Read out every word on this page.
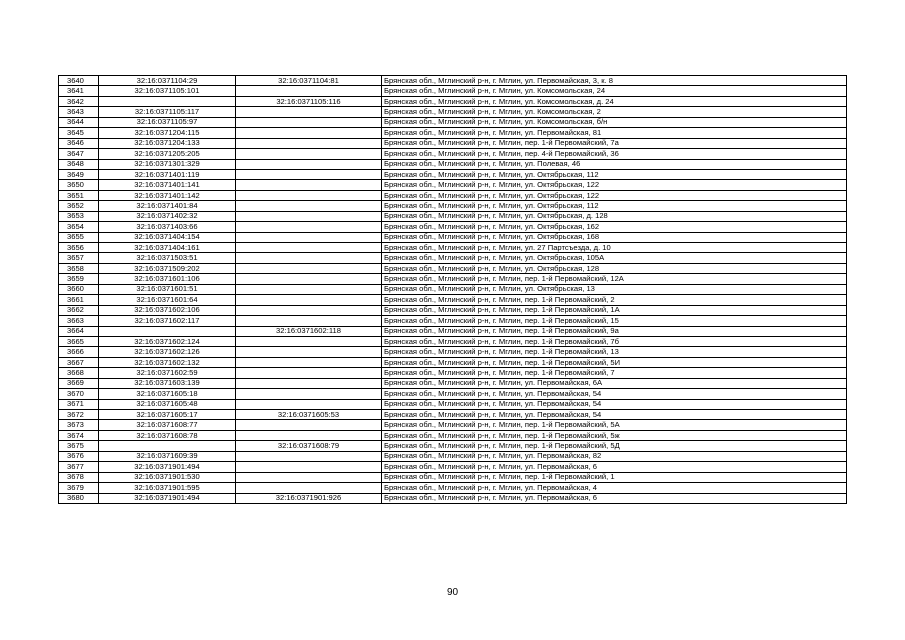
3640	32:16:0371104:29	32:16:0371104:81	Брянская обл., Мглинский р-н, г. Мглин, ул. Первомайская, 3, к. 8
3641	32:16:0371105:101		Брянская обл., Мглинский р-н, г. Мглин, ул. Комсомольская, 24
3642		32:16:0371105:116	Брянская обл., Мглинский р-н, г. Мглин, ул. Комсомольская, д. 24
3643	32:16:0371105:117		Брянская обл., Мглинский р-н, г. Мглин, ул. Комсомольская, 2
3644	32:16:0371105:97		Брянская обл., Мглинский р-н, г. Мглин, ул. Комсомольская, б/н
3645	32:16:0371204:115		Брянская обл., Мглинский р-н, г. Мглин, ул. Первомайская, 81
3646	32:16:0371204:133		Брянская обл., Мглинский р-н, г. Мглин, пер. 1-й Первомайский, 7а
3647	32:16:0371205:205		Брянская обл., Мглинский р-н, г. Мглин, пер. 4-й Первомайский, 36
3648	32:16:0371301:329		Брянская обл., Мглинский р-н, г. Мглин, ул. Полевая, 46
3649	32:16:0371401:119		Брянская обл., Мглинский р-н, г. Мглин, ул. Октябрьская, 112
3650	32:16:0371401:141		Брянская обл., Мглинский р-н, г. Мглин, ул. Октябрьская, 122
3651	32:16:0371401:142		Брянская обл., Мглинский р-н, г. Мглин, ул. Октябрьская, 122
3652	32:16:0371401:84		Брянская обл., Мглинский р-н, г. Мглин, ул. Октябрьская, 112
3653	32:16:0371402:32		Брянская обл., Мглинский р-н, г. Мглин, ул. Октябрьская, д. 128
3654	32:16:0371403:66		Брянская обл., Мглинский р-н, г. Мглин, ул. Октябрьская, 162
3655	32:16:0371404:154		Брянская обл., Мглинский р-н, г. Мглин, ул. Октябрьская, 168
3656	32:16:0371404:161		Брянская обл., Мглинский р-н, г. Мглин, ул. 27 Партсъезда, д. 10
3657	32:16:0371503:51		Брянская обл., Мглинский р-н, г. Мглин, ул. Октябрьская, 105А
3658	32:16:0371509:202		Брянская обл., Мглинский р-н, г. Мглин, ул. Октябрьская, 128
3659	32:16:0371601:106		Брянская обл., Мглинский р-н, г. Мглин, пер. 1-й Первомайский, 12А
3660	32:16:0371601:51		Брянская обл., Мглинский р-н, г. Мглин, ул. Октябрьская, 13
3661	32:16:0371601:64		Брянская обл., Мглинский р-н, г. Мглин, пер. 1-й Первомайский, 2
3662	32:16:0371602:106		Брянская обл., Мглинский р-н, г. Мглин, пер. 1-й Первомайский, 1А
3663	32:16:0371602:117		Брянская обл., Мглинский р-н, г. Мглин, пер. 1-й Первомайский, 15
3664		32:16:0371602:118	Брянская обл., Мглинский р-н, г. Мглин, пер. 1-й Первомайский, 9а
3665	32:16:0371602:124		Брянская обл., Мглинский р-н, г. Мглин, пер. 1-й Первомайский, 7б
3666	32:16:0371602:126		Брянская обл., Мглинский р-н, г. Мглин, пер. 1-й Первомайский, 13
3667	32:16:0371602:132		Брянская обл., Мглинский р-н, г. Мглин, пер. 1-й Первомайский, 5И
3668	32:16:0371602:59		Брянская обл., Мглинский р-н, г. Мглин, пер. 1-й Первомайский, 7
3669	32:16:0371603:139		Брянская обл., Мглинский р-н, г. Мглин, ул. Первомайская, 6А
3670	32:16:0371605:18		Брянская обл., Мглинский р-н, г. Мглин, ул. Первомайская, 54
3671	32:16:0371605:48		Брянская обл., Мглинский р-н, г. Мглин, ул. Первомайская, 54
3672	32:16:0371605:17	32:16:0371605:53	Брянская обл., Мглинский р-н, г. Мглин, ул. Первомайская, 54
3673	32:16:0371608:77		Брянская обл., Мглинский р-н, г. Мглин, пер. 1-й Первомайский, 5А
3674	32:16:0371608:78		Брянская обл., Мглинский р-н, г. Мглин, пер. 1-й Первомайский, 5ж
3675		32:16:0371608:79	Брянская обл., Мглинский р-н, г. Мглин, пер. 1-й Первомайский, 5Д
3676	32:16:0371609:39		Брянская обл., Мглинский р-н, г. Мглин, ул. Первомайская, 82
3677	32:16:0371901:494		Брянская обл., Мглинский р-н, г. Мглин, ул. Первомайская, 6
3678	32:16:0371901:530		Брянская обл., Мглинский р-н, г. Мглин, пер. 1-й Первомайский, 1
3679	32:16:0371901:595		Брянская обл., Мглинский р-н, г. Мглин, ул. Первомайская, 4
3680	32:16:0371901:494	32:16:0371901:926	Брянская обл., Мглинский р-н, г. Мглин, ул. Первомайская, 6
90
